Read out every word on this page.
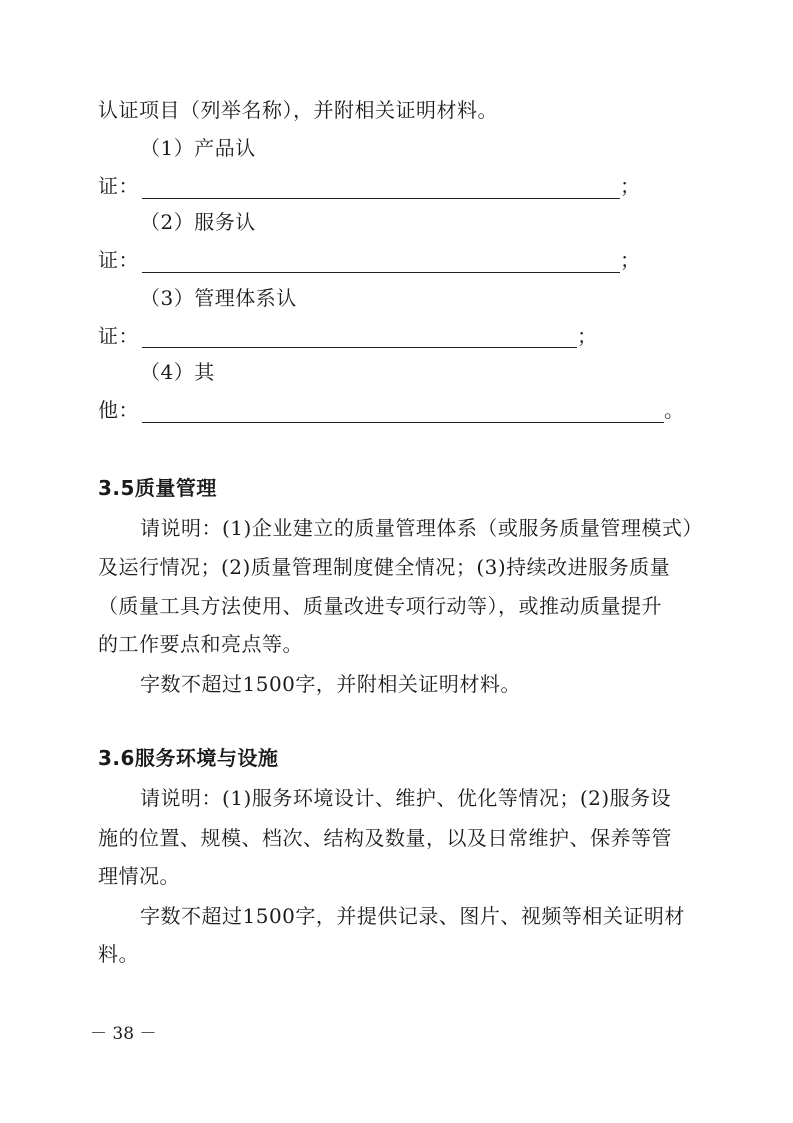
认证项目（列举名称），并附相关证明材料。
（1）产品认
证：	；
（2）服务认
证：	；
（3）管理体系认
证：	；
（4）其
他：	。
3.5质量管理
请说明：(1)企业建立的质量管理体系（或服务质量管理模式）
及运行情况；(2)质量管理制度健全情况；(3)持续改进服务质量
（质量工具方法使用、质量改进专项行动等），或推动质量提升
的工作要点和亮点等。
字数不超过1500字，并附相关证明材料。
3.6服务环境与设施
请说明：(1)服务环境设计、维护、优化等情况；(2)服务设
施的位置、规模、档次、结构及数量，以及日常维护、保养等管
理情况。
字数不超过1500字，并提供记录、图片、视频等相关证明材
料。
－ 38 －
